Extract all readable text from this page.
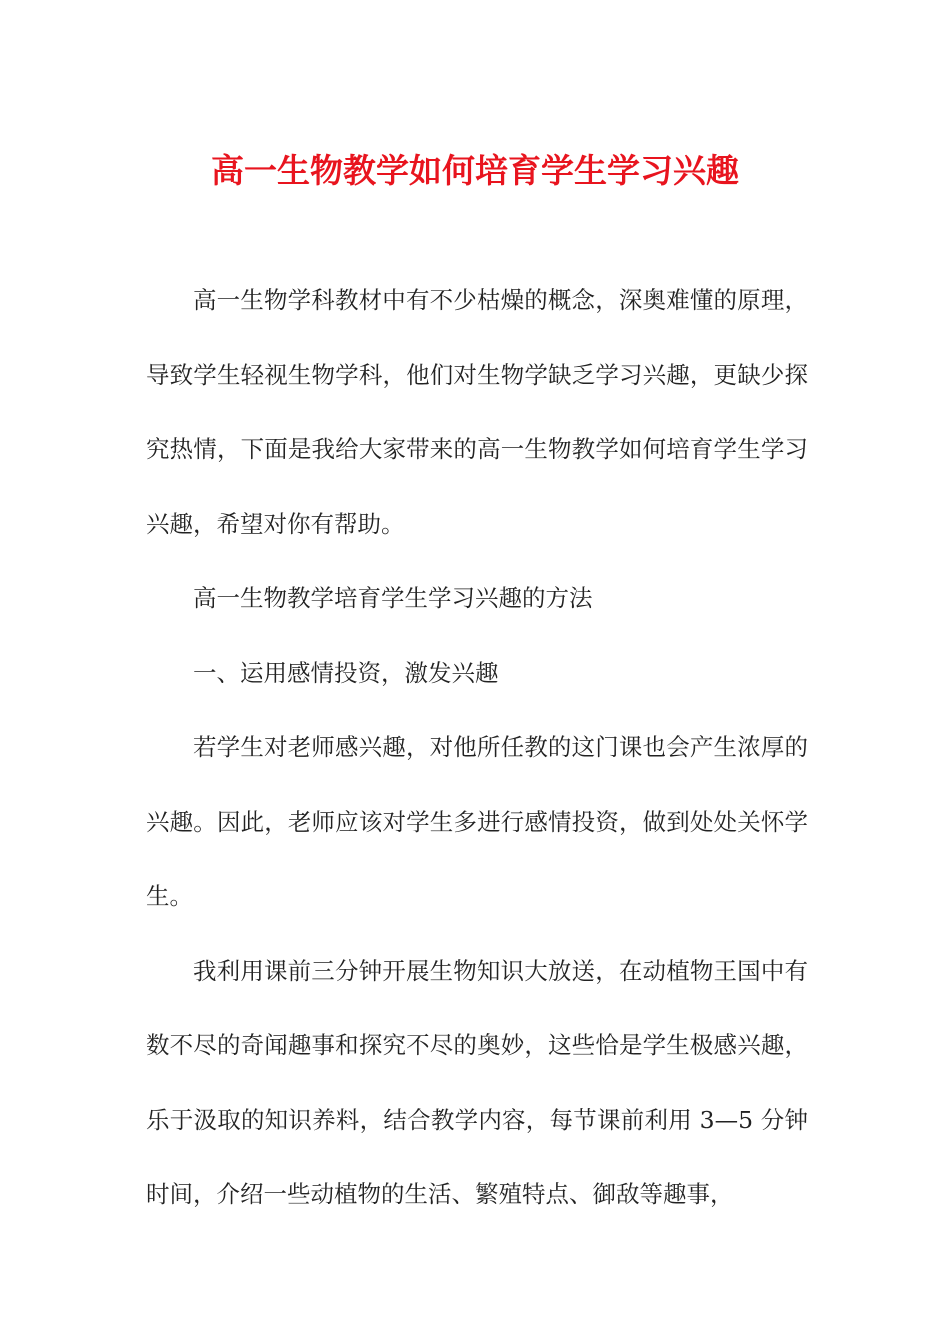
高一生物教学如何培育学生学习兴趣

高一生物学科教材中有不少枯燥的概念，深奥难懂的原理，导致学生轻视生物学科，他们对生物学缺乏学习兴趣，更缺少探究热情，下面是我给大家带来的高一生物教学如何培育学生学习兴趣，希望对你有帮助。

高一生物教学培育学生学习兴趣的方法

一、运用感情投资，激发兴趣

若学生对老师感兴趣，对他所任教的这门课也会产生浓厚的兴趣。因此，老师应该对学生多进行感情投资，做到处处关怀学生。

我利用课前三分钟开展生物知识大放送，在动植物王国中有数不尽的奇闻趣事和探究不尽的奥妙，这些恰是学生极感兴趣，乐于汲取的知识养料，结合教学内容，每节课前利用 3—5 分钟时间，介绍一些动植物的生活、繁殖特点、御敌等趣事，
